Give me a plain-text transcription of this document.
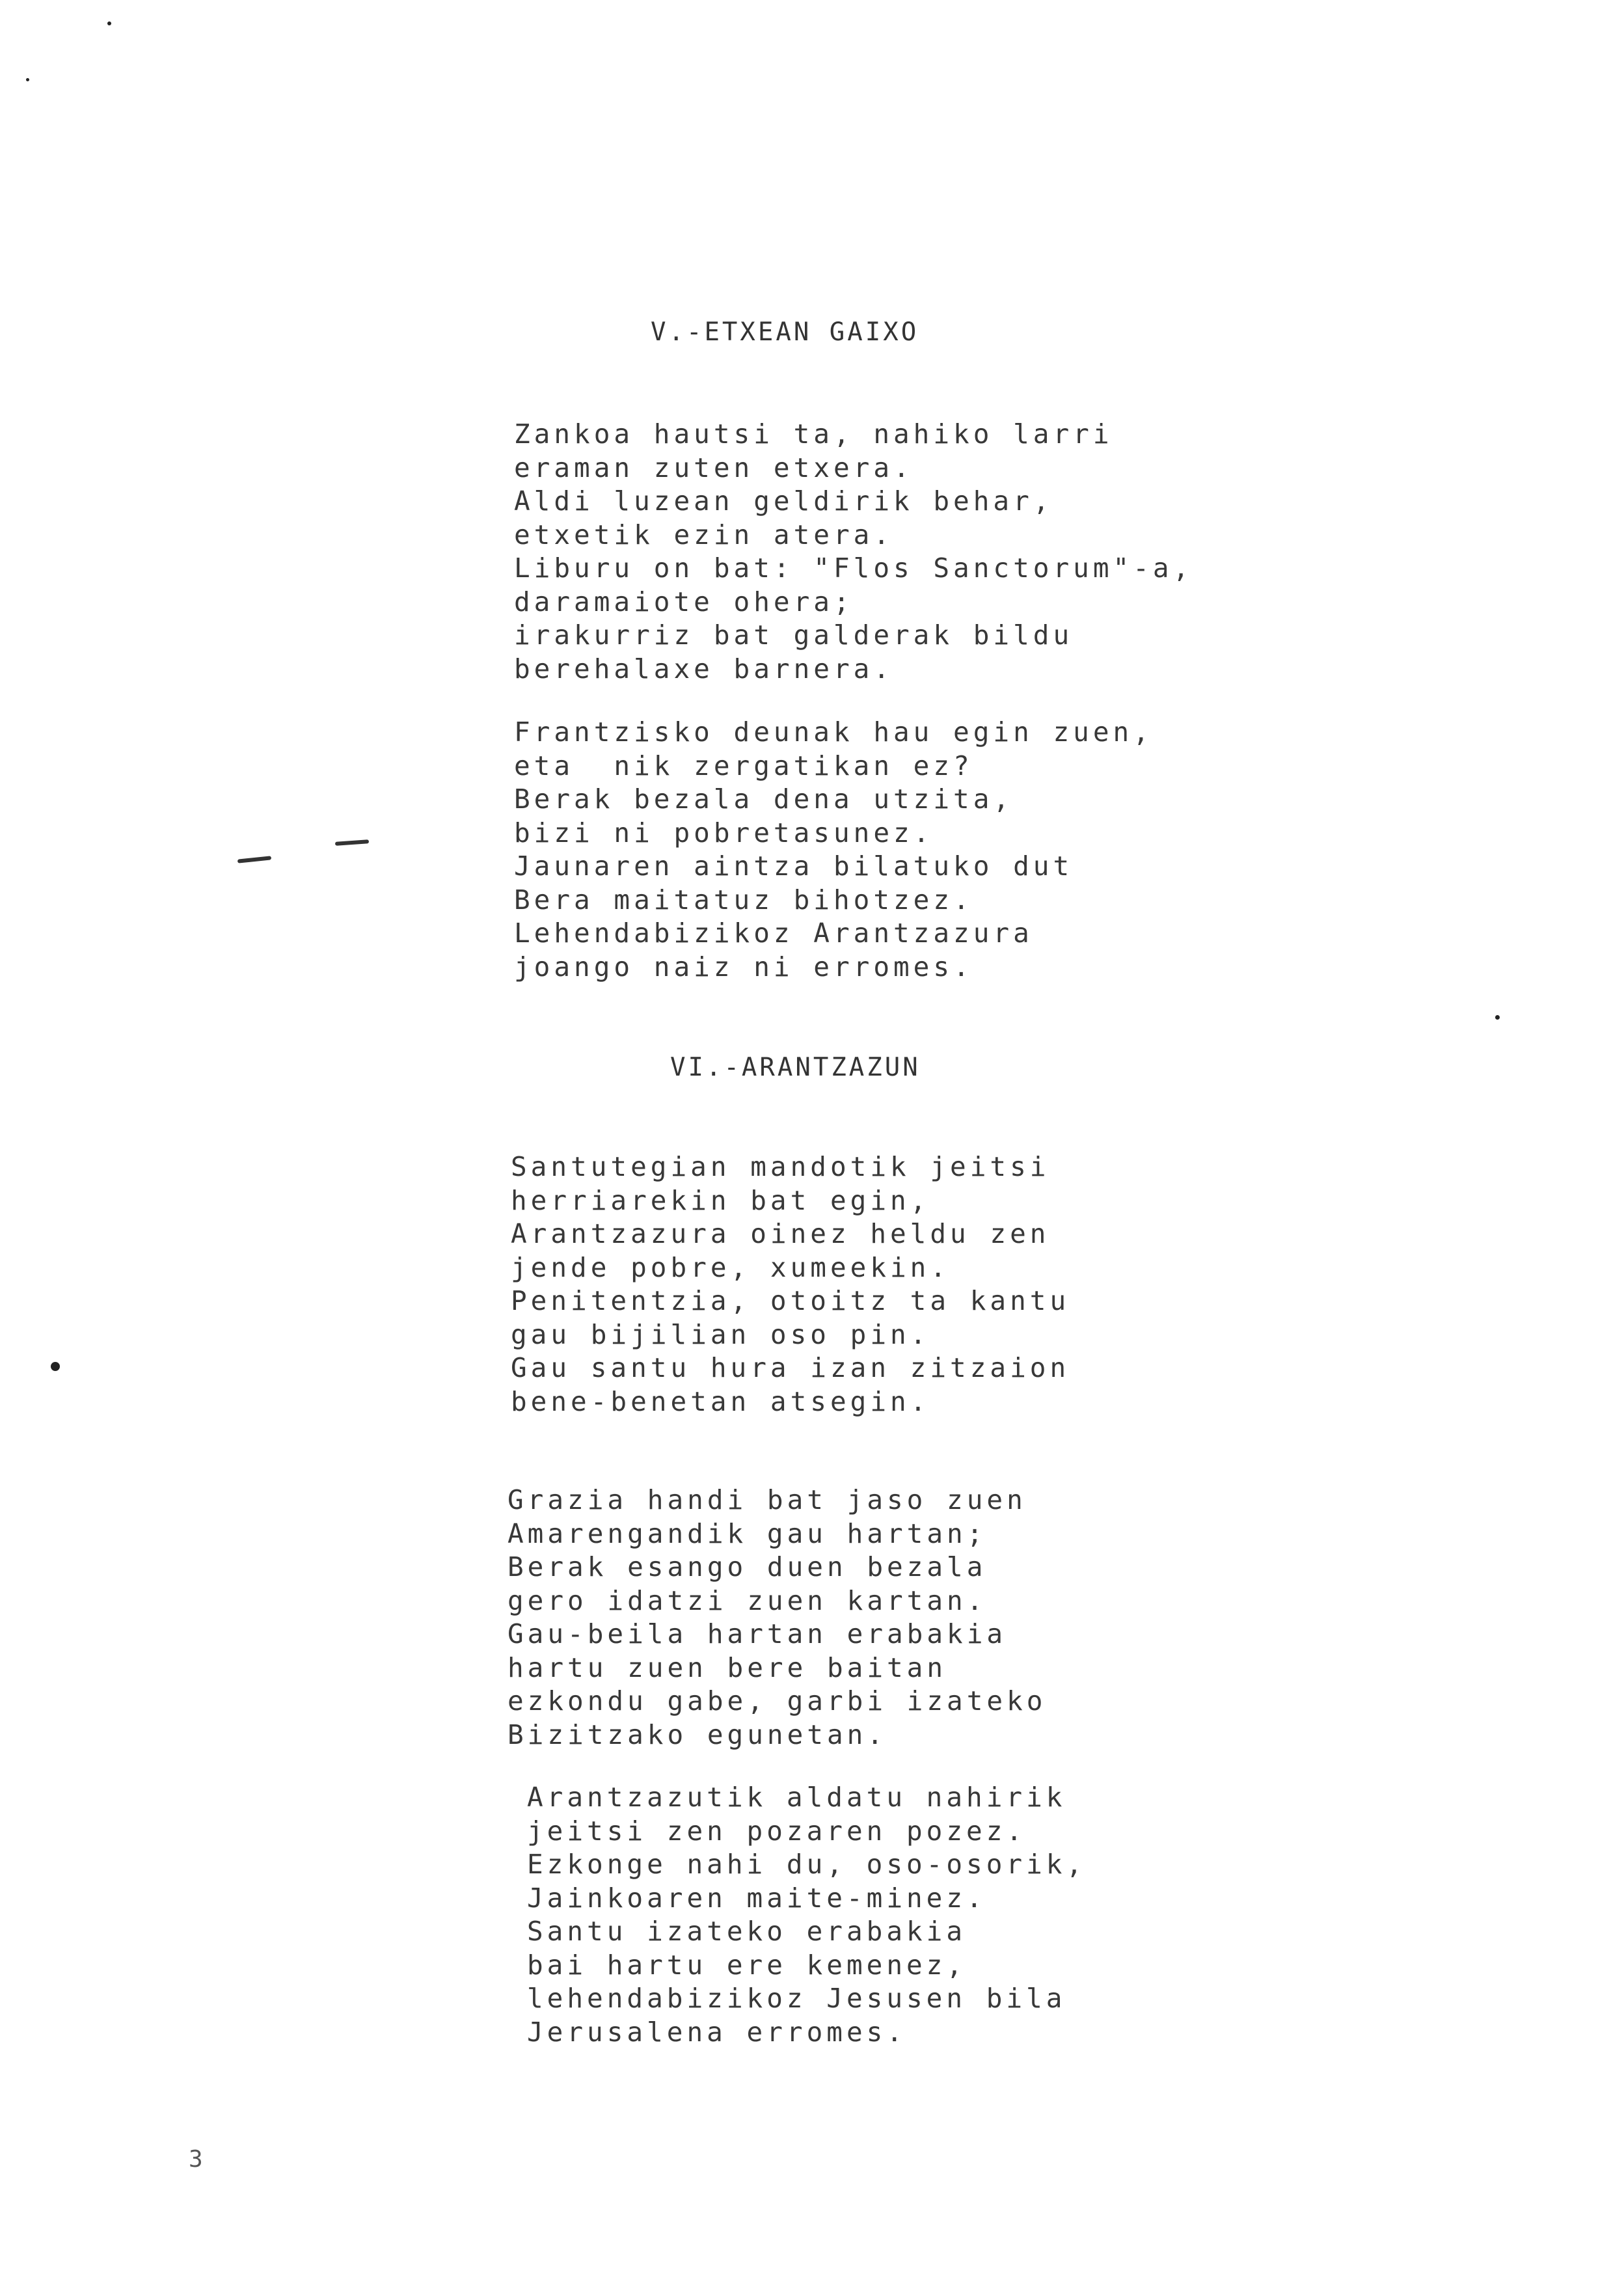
V.-ETXEAN GAIXO
Zankoa hautsi ta, nahiko larri
eraman zuten etxera.
Aldi luzean geldirik behar,
etxetik ezin atera.
Liburu on bat: "Flos Sanctorum"-a,
daramaiote ohera;
irakurriz bat galderak bildu
berehalaxe barnera.
Frantzisko deunak hau egin zuen,
eta  nik zergatikan ez?
Berak bezala dena utzita,
bizi ni pobretasunez.
Jaunaren aintza bilatuko dut
Bera maitatuz bihotzez.
Lehendabizikoz Arantzazura
joango naiz ni erromes.
VI.-ARANTZAZUN
Santutegian mandotik jeitsi
herriarekin bat egin,
Arantzazura oinez heldu zen
jende pobre, xumeekin.
Penitentzia, otoitz ta kantu
gau bijilian oso pin.
Gau santu hura izan zitzaion
bene-benetan atsegin.
Grazia handi bat jaso zuen
Amarengandik gau hartan;
Berak esango duen bezala
gero idatzi zuen kartan.
Gau-beila hartan erabakia
hartu zuen bere baitan
ezkondu gabe, garbi izateko
Bizitzako egunetan.
Arantzazutik aldatu nahirik
jeitsi zen pozaren pozez.
Ezkonge nahi du, oso-osorik,
Jainkoaren maite-minez.
Santu izateko erabakia
bai hartu ere kemenez,
lehendabizikoz Jesusen bila
Jerusalena erromes.

3
